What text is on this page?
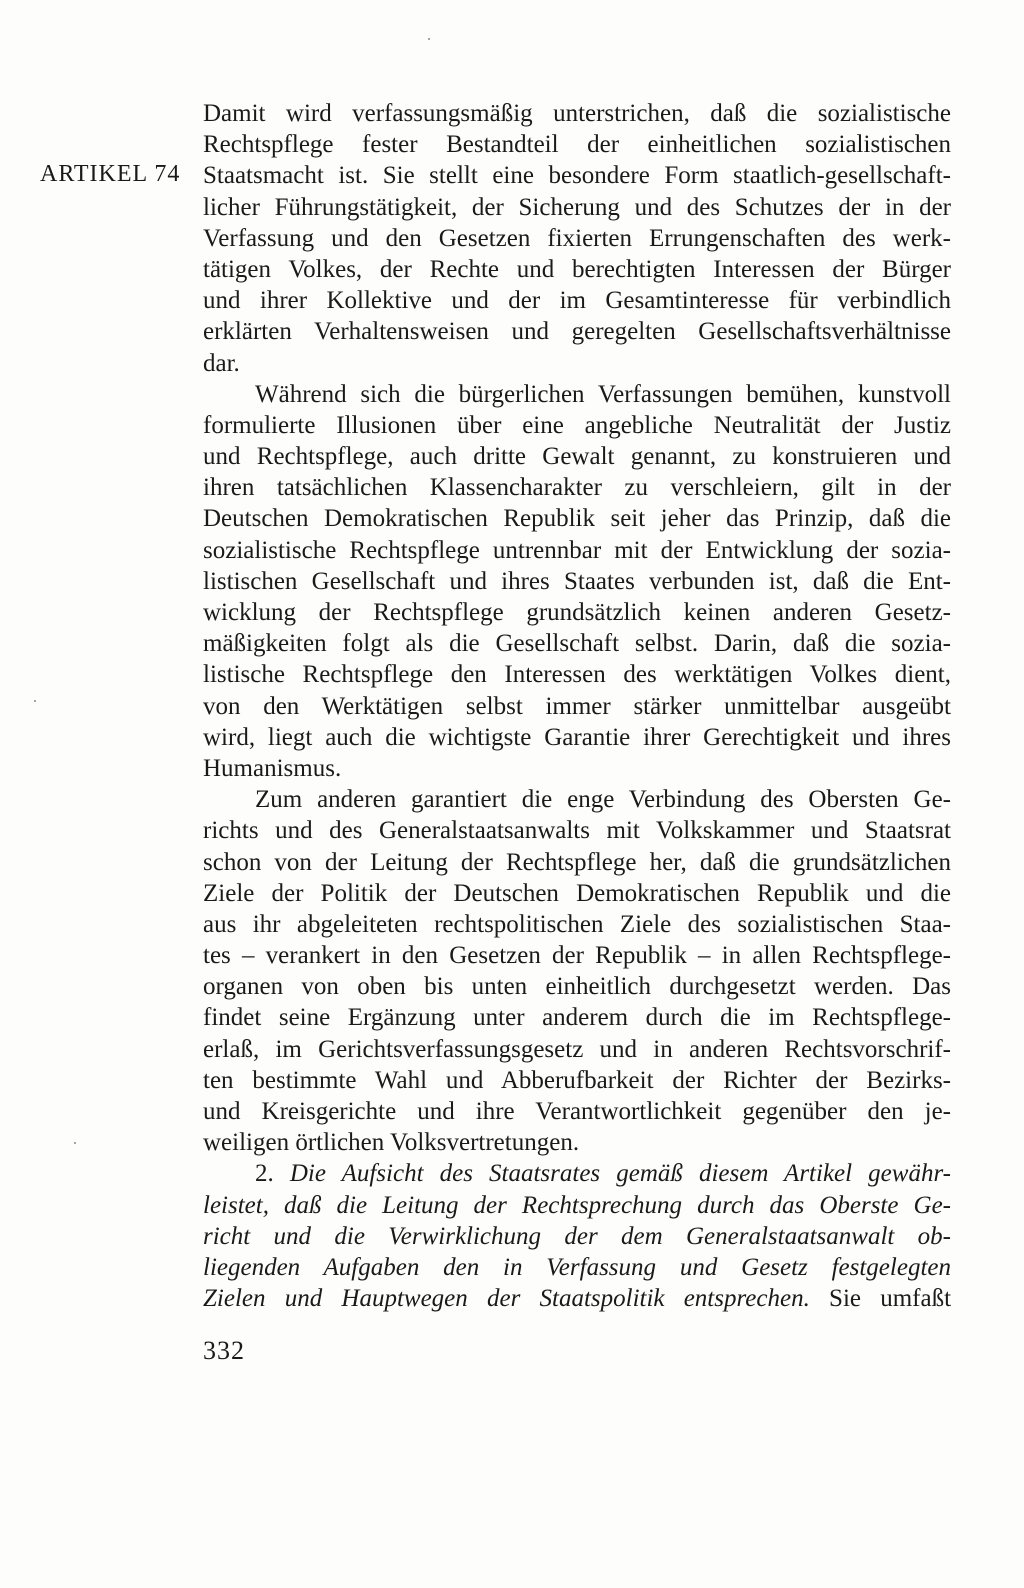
ARTIKEL 74
Damit wird verfassungsmäßig unterstrichen, daß die sozialistische
Rechtspflege fester Bestandteil der einheitlichen sozialistischen
Staatsmacht ist. Sie stellt eine besondere Form staatlich-gesellschaft-
licher Führungstätigkeit, der Sicherung und des Schutzes der in der
Verfassung und den Gesetzen fixierten Errungenschaften des werk-
tätigen Volkes, der Rechte und berechtigten Interessen der Bürger
und ihrer Kollektive und der im Gesamtinteresse für verbindlich
erklärten Verhaltensweisen und geregelten Gesellschaftsverhältnisse
dar.
Während sich die bürgerlichen Verfassungen bemühen, kunstvoll
formulierte Illusionen über eine angebliche Neutralität der Justiz
und Rechtspflege, auch dritte Gewalt genannt, zu konstruieren und
ihren tatsächlichen Klassencharakter zu verschleiern, gilt in der
Deutschen Demokratischen Republik seit jeher das Prinzip, daß die
sozialistische Rechtspflege untrennbar mit der Entwicklung der sozia-
listischen Gesellschaft und ihres Staates verbunden ist, daß die Ent-
wicklung der Rechtspflege grundsätzlich keinen anderen Gesetz-
mäßigkeiten folgt als die Gesellschaft selbst. Darin, daß die sozia-
listische Rechtspflege den Interessen des werktätigen Volkes dient,
von den Werktätigen selbst immer stärker unmittelbar ausgeübt
wird, liegt auch die wichtigste Garantie ihrer Gerechtigkeit und ihres
Humanismus.
Zum anderen garantiert die enge Verbindung des Obersten Ge-
richts und des Generalstaatsanwalts mit Volkskammer und Staatsrat
schon von der Leitung der Rechtspflege her, daß die grundsätzlichen
Ziele der Politik der Deutschen Demokratischen Republik und die
aus ihr abgeleiteten rechtspolitischen Ziele des sozialistischen Staa-
tes – verankert in den Gesetzen der Republik – in allen Rechtspflege-
organen von oben bis unten einheitlich durchgesetzt werden. Das
findet seine Ergänzung unter anderem durch die im Rechtspflege-
erlaß, im Gerichtsverfassungsgesetz und in anderen Rechtsvorschrif-
ten bestimmte Wahl und Abberufbarkeit der Richter der Bezirks-
und Kreisgerichte und ihre Verantwortlichkeit gegenüber den je-
weiligen örtlichen Volksvertretungen.
2. Die Aufsicht des Staatsrates gemäß diesem Artikel gewähr-
leistet, daß die Leitung der Rechtsprechung durch das Oberste Ge-
richt und die Verwirklichung der dem Generalstaatsanwalt ob-
liegenden Aufgaben den in Verfassung und Gesetz festgelegten
Zielen und Hauptwegen der Staatspolitik entsprechen. Sie umfaßt
332
